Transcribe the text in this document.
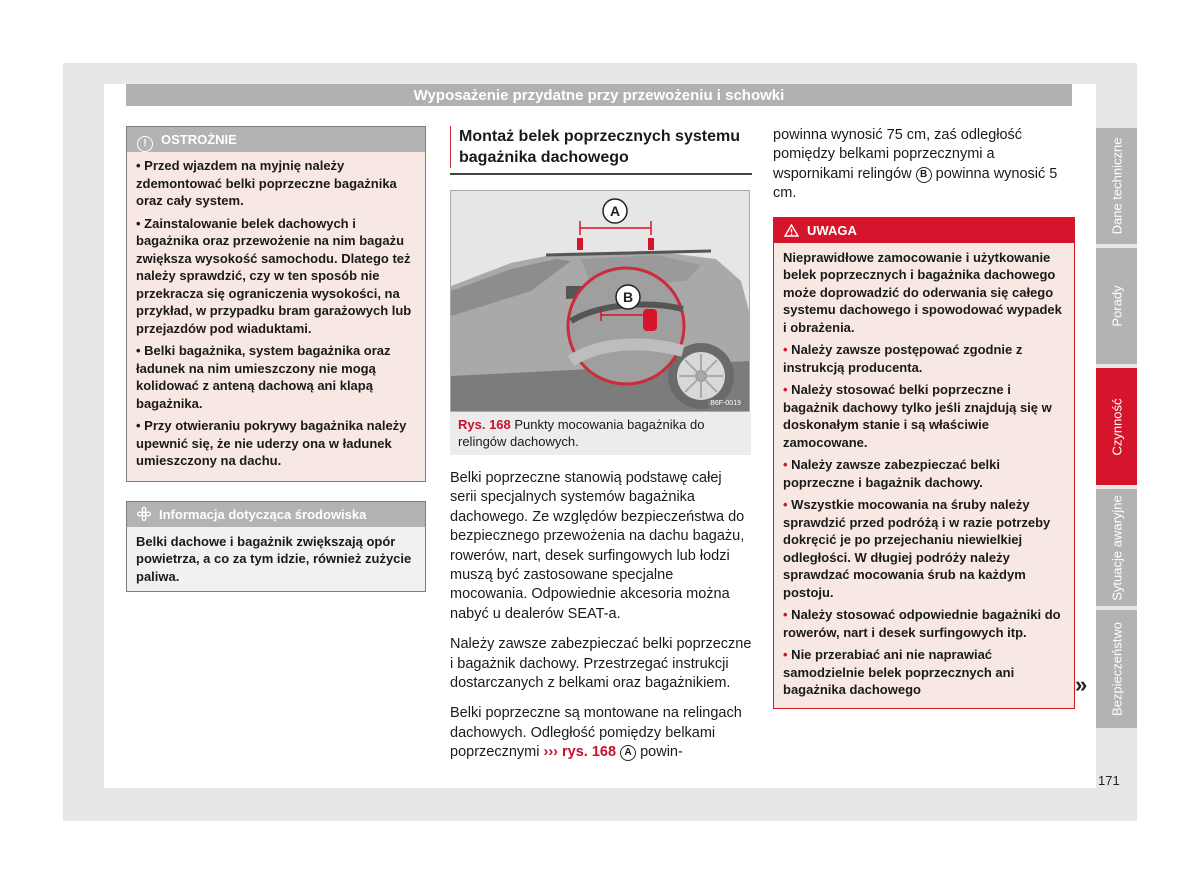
Wyposażenie przydatne przy przewożeniu i schowki
! OSTROŻNIE

• Przed wjazdem na myjnię należy zdemontować belki poprzeczne bagażnika oraz cały system.

• Zainstalowanie belek dachowych i bagażnika oraz przewożenie na nim bagażu zwiększa wysokość samochodu. Dlatego też należy sprawdzić, czy w ten sposób nie przekracza się ograniczenia wysokości, na przykład, w przypadku bram garażowych lub przejazdów pod wiaduktami.

• Belki bagażnika, system bagażnika oraz ładunek na nim umieszczony nie mogą kolidować z anteną dachową ani klapą bagażnika.

• Przy otwieraniu pokrywy bagażnika należy upewnić się, że nie uderzy ona w ładunek umieszczony na dachu.

Informacja dotycząca środowiska
Belki dachowe i bagażnik zwiększają opór powietrza, a co za tym idzie, również zużycie paliwa.
Montaż belek poprzecznych systemu bagażnika dachowego
A
B
B6F-0019
Rys. 168 Punkty mocowania bagażnika do relingów dachowych.

Belki poprzeczne stanowią podstawę całej serii specjalnych systemów bagażnika dachowego. Ze względów bezpieczeństwa do bezpiecznego przewożenia na dachu bagażu, rowerów, nart, desek surfingowych lub łodzi muszą być zastosowane specjalne mocowania. Odpowiednie akcesoria można nabyć u dealerów SEAT-a.

Należy zawsze zabezpieczać belki poprzeczne i bagażnik dachowy. Przestrzegać instrukcji dostarczanych z belkami oraz bagażnikiem.

Belki poprzeczne są montowane na relingach dachowych. Odległość pomiędzy belkami poprzecznymi ››› rys. 168 A powin-

powinna wynosić 75 cm, zaś odległość pomiędzy belkami poprzecznymi a wspornikami relingów B powinna wynosić 5 cm.
UWAGA

Nieprawidłowe zamocowanie i użytkowanie belek poprzecznych i bagażnika dachowego może doprowadzić do oderwania się całego systemu dachowego i spowodować wypadek i obrażenia.

• Należy zawsze postępować zgodnie z instrukcją producenta.

• Należy stosować belki poprzeczne i bagażnik dachowy tylko jeśli znajdują się w doskonałym stanie i są właściwie zamocowane.

• Należy zawsze zabezpieczać belki poprzeczne i bagażnik dachowy.

• Wszystkie mocowania na śruby należy sprawdzić przed podróżą i w razie potrzeby dokręcić je po przejechaniu niewielkiej odległości. W długiej podróży należy sprawdzać mocowania śrub na każdym postoju.

• Należy stosować odpowiednie bagażniki do rowerów, nart i desek surfingowych itp.

• Nie przerabiać ani nie naprawiać samodzielnie belek poprzecznych ani bagażnika dachowego	»
Dane techniczne
Porady
Czynność
Sytuacje awaryjne
Bezpieczeństwo
171
